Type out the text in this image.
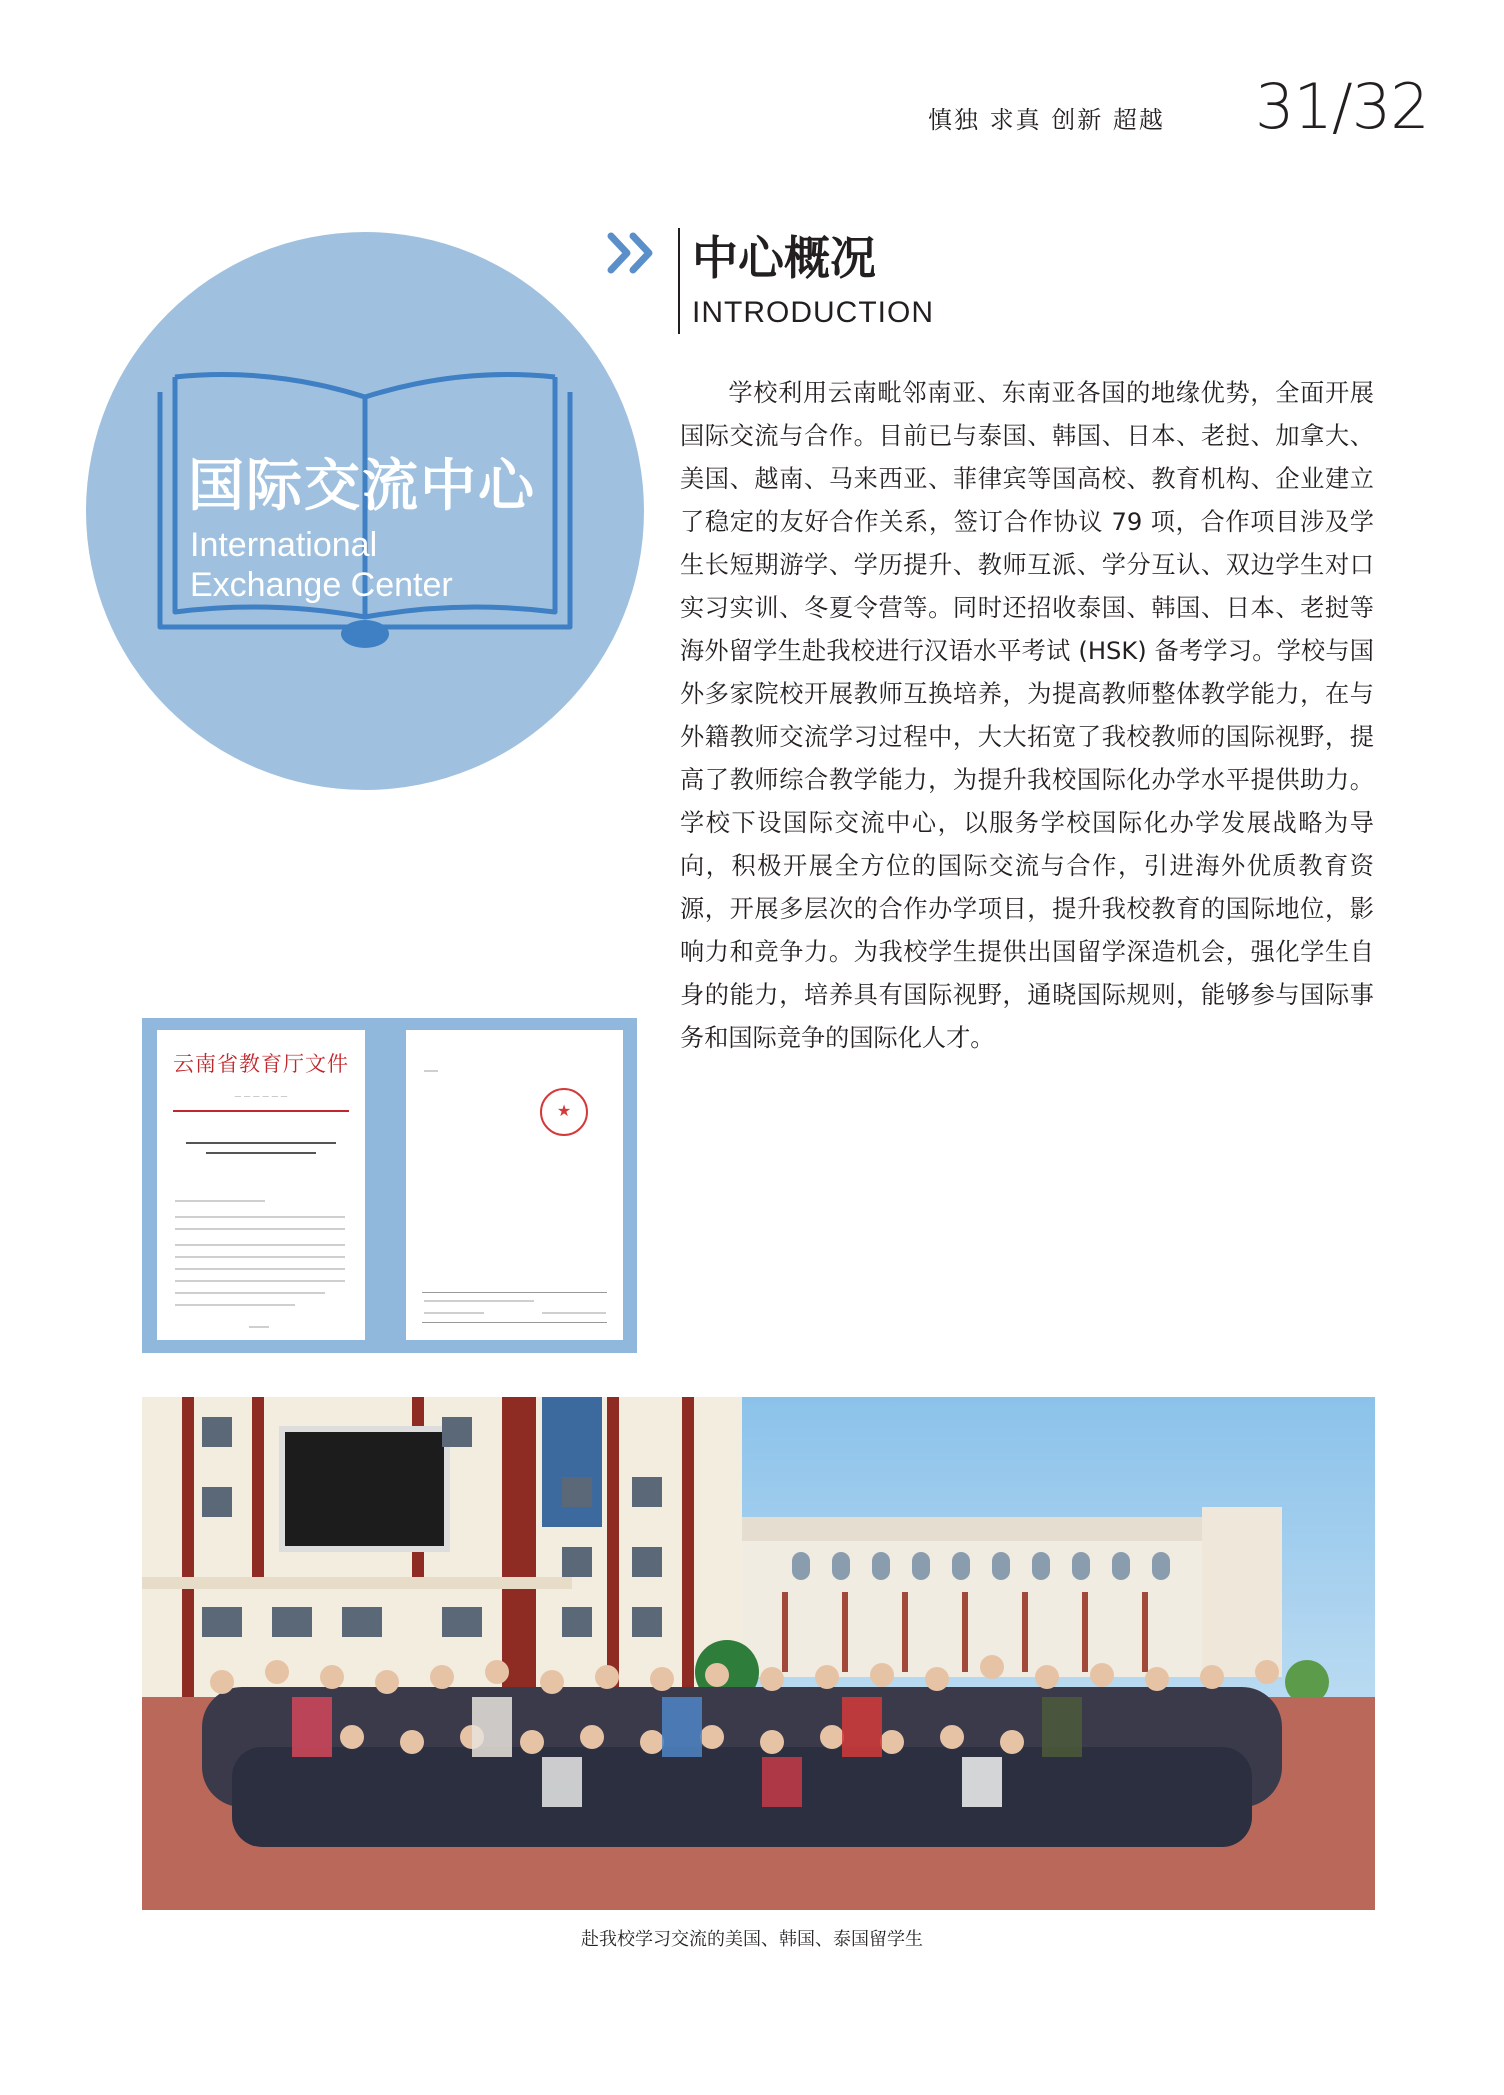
慎独 求真 创新 超越 31/32
国际交流中心
International
Exchange Center
中心概况
INTRODUCTION

学校利用云南毗邻南亚、东南亚各国的地缘优势，全面开展国际交流与合作。目前已与泰国、韩国、日本、老挝、加拿大、美国、越南、马来西亚、菲律宾等国高校、教育机构、企业建立了稳定的友好合作关系，签订合作协议 79 项，合作项目涉及学生长短期游学、学历提升、教师互派、学分互认、双边学生对口实习实训、冬夏令营等。同时还招收泰国、韩国、日本、老挝等海外留学生赴我校进行汉语水平考试 (HSK) 备考学习。学校与国外多家院校开展教师互换培养，为提高教师整体教学能力，在与外籍教师交流学习过程中，大大拓宽了我校教师的国际视野，提高了教师综合教学能力，为提升我校国际化办学水平提供助力。学校下设国际交流中心，以服务学校国际化办学发展战略为导向，积极开展全方位的国际交流与合作，引进海外优质教育资源，开展多层次的合作办学项目，提升我校教育的国际地位，影响力和竞争力。为我校学生提供出国留学深造机会，强化学生自身的能力，培养具有国际视野，通晓国际规则，能够参与国际事务和国际竞争的国际化人才。

云南省教育厅文件
— — — — — —
★
赴我校学习交流的美国、韩国、泰国留学生
